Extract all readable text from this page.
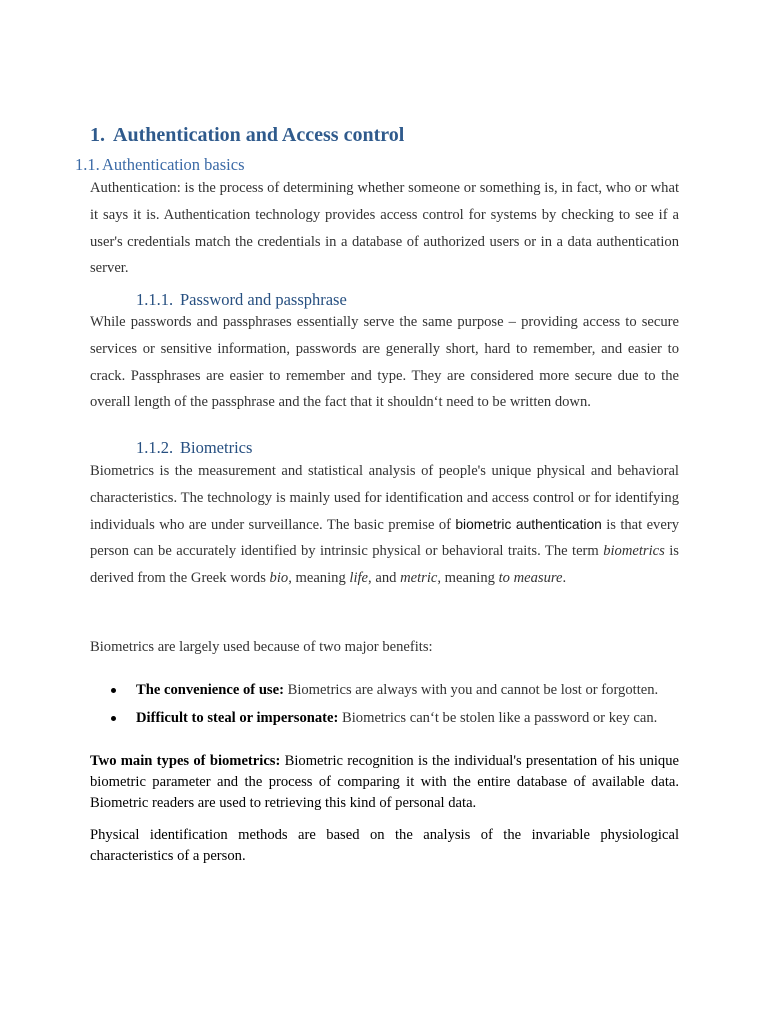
1. Authentication and Access control
1.1. Authentication basics

Authentication: is the process of determining whether someone or something is, in fact, who or what it says it is. Authentication technology provides access control for systems by checking to see if a user's credentials match the credentials in a database of authorized users or in a data authentication server.

1.1.1. Password and passphrase

While passwords and passphrases essentially serve the same purpose – providing access to secure services or sensitive information, passwords are generally short, hard to remember, and easier to crack. Passphrases are easier to remember and type. They are considered more secure due to the overall length of the passphrase and the fact that it shouldn‘t need to be written down.

1.1.2. Biometrics

Biometrics is the measurement and statistical analysis of people's unique physical and behavioral characteristics. The technology is mainly used for identification and access control or for identifying individuals who are under surveillance. The basic premise of biometric authentication is that every person can be accurately identified by intrinsic physical or behavioral traits. The term biometrics is derived from the Greek words bio, meaning life, and metric, meaning to measure.

Biometrics are largely used because of two major benefits:

The convenience of use: Biometrics are always with you and cannot be lost or forgotten.
Difficult to steal or impersonate: Biometrics can‘t be stolen like a password or key can.

Two main types of biometrics: Biometric recognition is the individual's presentation of his unique biometric parameter and the process of comparing it with the entire database of available data. Biometric readers are used to retrieving this kind of personal data.

Physical identification methods are based on the analysis of the invariable physiological characteristics of a person.
